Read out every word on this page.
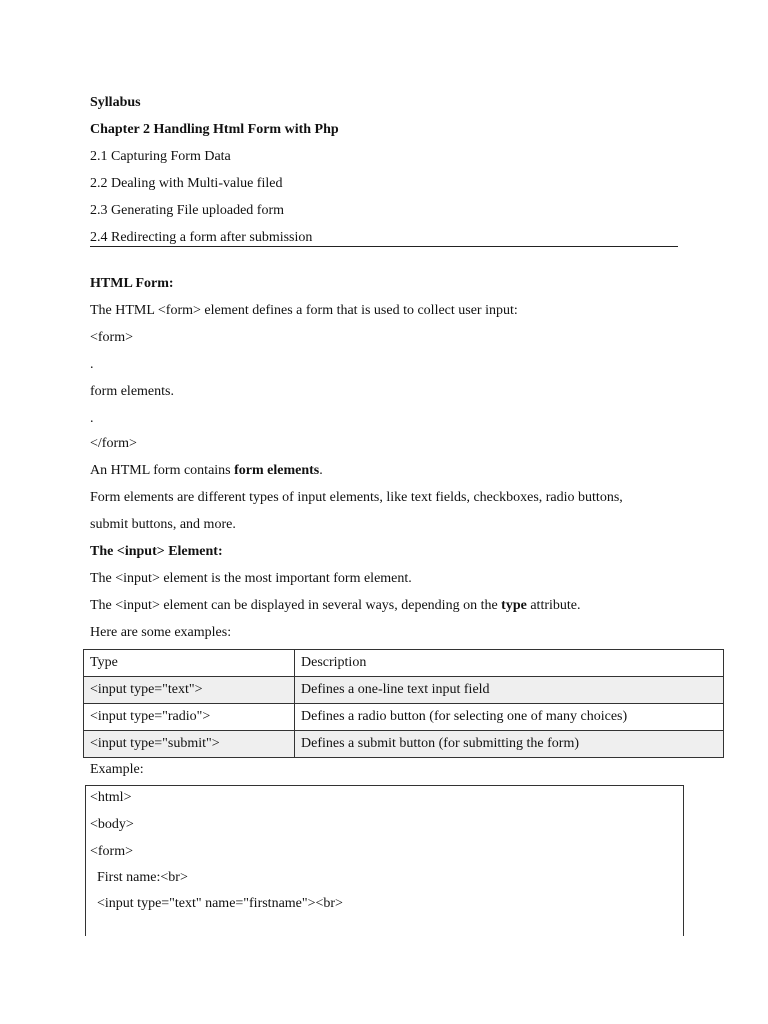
Syllabus
Chapter 2 Handling Html Form with Php
2.1 Capturing Form Data
2.2 Dealing with Multi-value filed
2.3 Generating File uploaded form
2.4 Redirecting a form after submission
HTML Form:
The HTML <form> element defines a form that is used to collect user input:
<form>
.
form elements.
.
</form>
An HTML form contains form elements.
Form elements are different types of input elements, like text fields, checkboxes, radio buttons,
submit buttons, and more.
The <input> Element:
The <input> element is the most important form element.
The <input> element can be displayed in several ways, depending on the type attribute.
Here are some examples:
Type	Description
<input type="text">	Defines a one-line text input field
<input type="radio">	Defines a radio button (for selecting one of many choices)
<input type="submit">	Defines a submit button (for submitting the form)
Example:
<html>
<body>
<form>
First name:<br>
<input type="text" name="firstname"><br>
